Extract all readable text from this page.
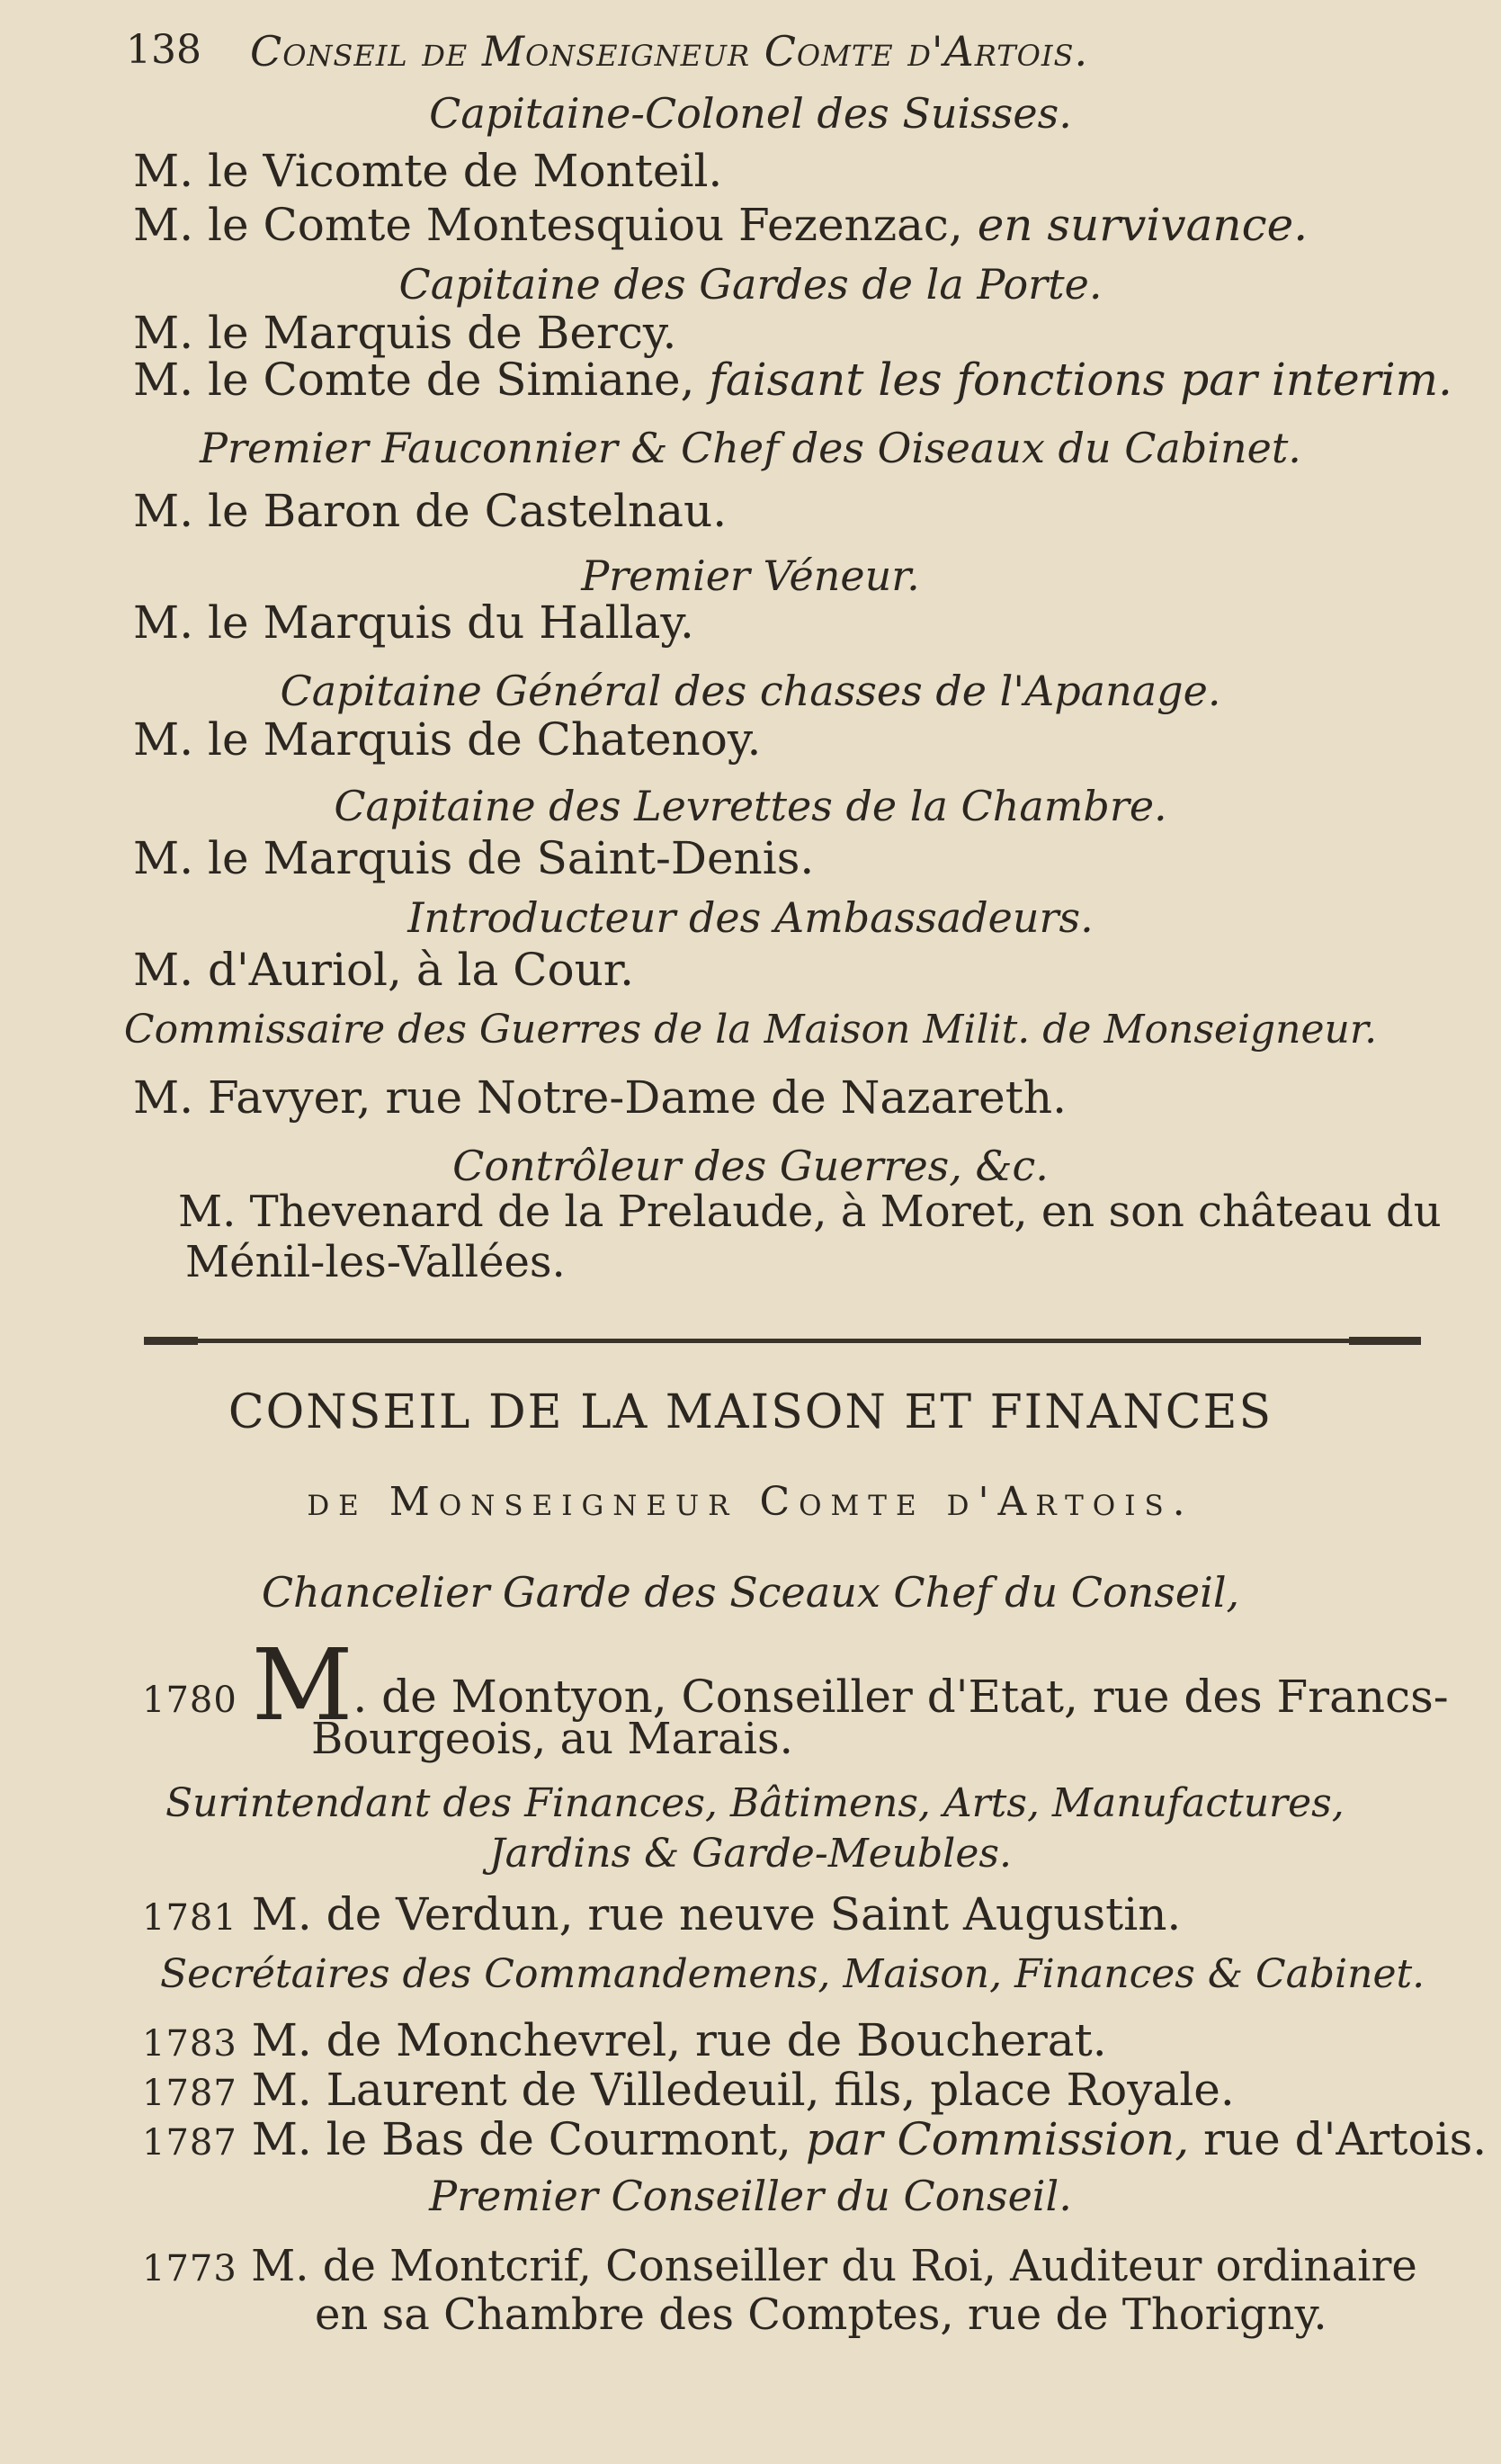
138 Conseil de Monseigneur Comte d'Artois.
Capitaine-Colonel des Suisses.
M. le Vicomte de Monteil.
M. le Comte Montesquiou Fezenzac, en survivance.
Capitaine des Gardes de la Porte.
M. le Marquis de Bercy.
M. le Comte de Simiane, faisant les fonctions par interim.
Premier Fauconnier & Chef des Oiseaux du Cabinet.
M. le Baron de Castelnau.
Premier Véneur.
M. le Marquis du Hallay.
Capitaine Général des chasses de l'Apanage.
M. le Marquis de Chatenoy.
Capitaine des Levrettes de la Chambre.
M. le Marquis de Saint-Denis.
Introducteur des Ambassadeurs.
M. d'Auriol, à la Cour.
Commissaire des Guerres de la Maison Milit. de Monseigneur.
M. Favyer, rue Notre-Dame de Nazareth.
Contrôleur des Guerres, &c.
M. Thevenard de la Prelaude, à Moret, en son château du
Ménil-les-Vallées.
CONSEIL DE LA MAISON ET FINANCES
de Monseigneur Comte d'Artois.
Chancelier Garde des Sceaux Chef du Conseil,
1780 M. de Montyon, Conseiller d'Etat, rue des Francs-
Bourgeois, au Marais.
Surintendant des Finances, Bâtimens, Arts, Manufactures,
Jardins & Garde-Meubles.
1781 M. de Verdun, rue neuve Saint Augustin.
Secrétaires des Commandemens, Maison, Finances & Cabinet.
1783 M. de Monchevrel, rue de Boucherat.
1787 M. Laurent de Villedeuil, fils, place Royale.
1787 M. le Bas de Courmont, par Commission, rue d'Artois.
Premier Conseiller du Conseil.
1773 M. de Montcrif, Conseiller du Roi, Auditeur ordinaire
en sa Chambre des Comptes, rue de Thorigny.
